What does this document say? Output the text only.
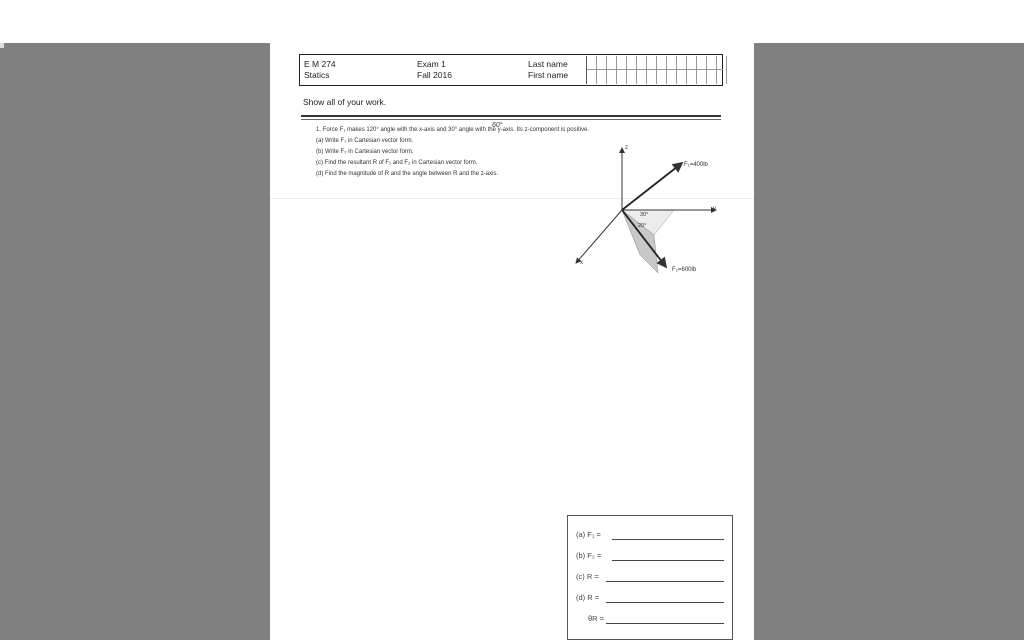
E M 274
Statics
Exam 1
Fall 2016
Last name
First name
Show all of your work.
60°
1. Force F₁ makes 120° angle with the x-axis and 30° angle with the y-axis. Its z-component is positive.
(a) Write F₁ in Cartesian vector form.
(b) Write F₂ in Cartesian vector form.
(c) Find the resultant R of F₁ and F₂ in Cartesian vector form.
(d) Find the magnitude of R and the angle between R and the z-axis.
z
y
x
F₁=400lb
F₂=600lb
30°
20°
(a) F₁ =
(b) F₂ =
(c) R =
(d) R =
θR =
